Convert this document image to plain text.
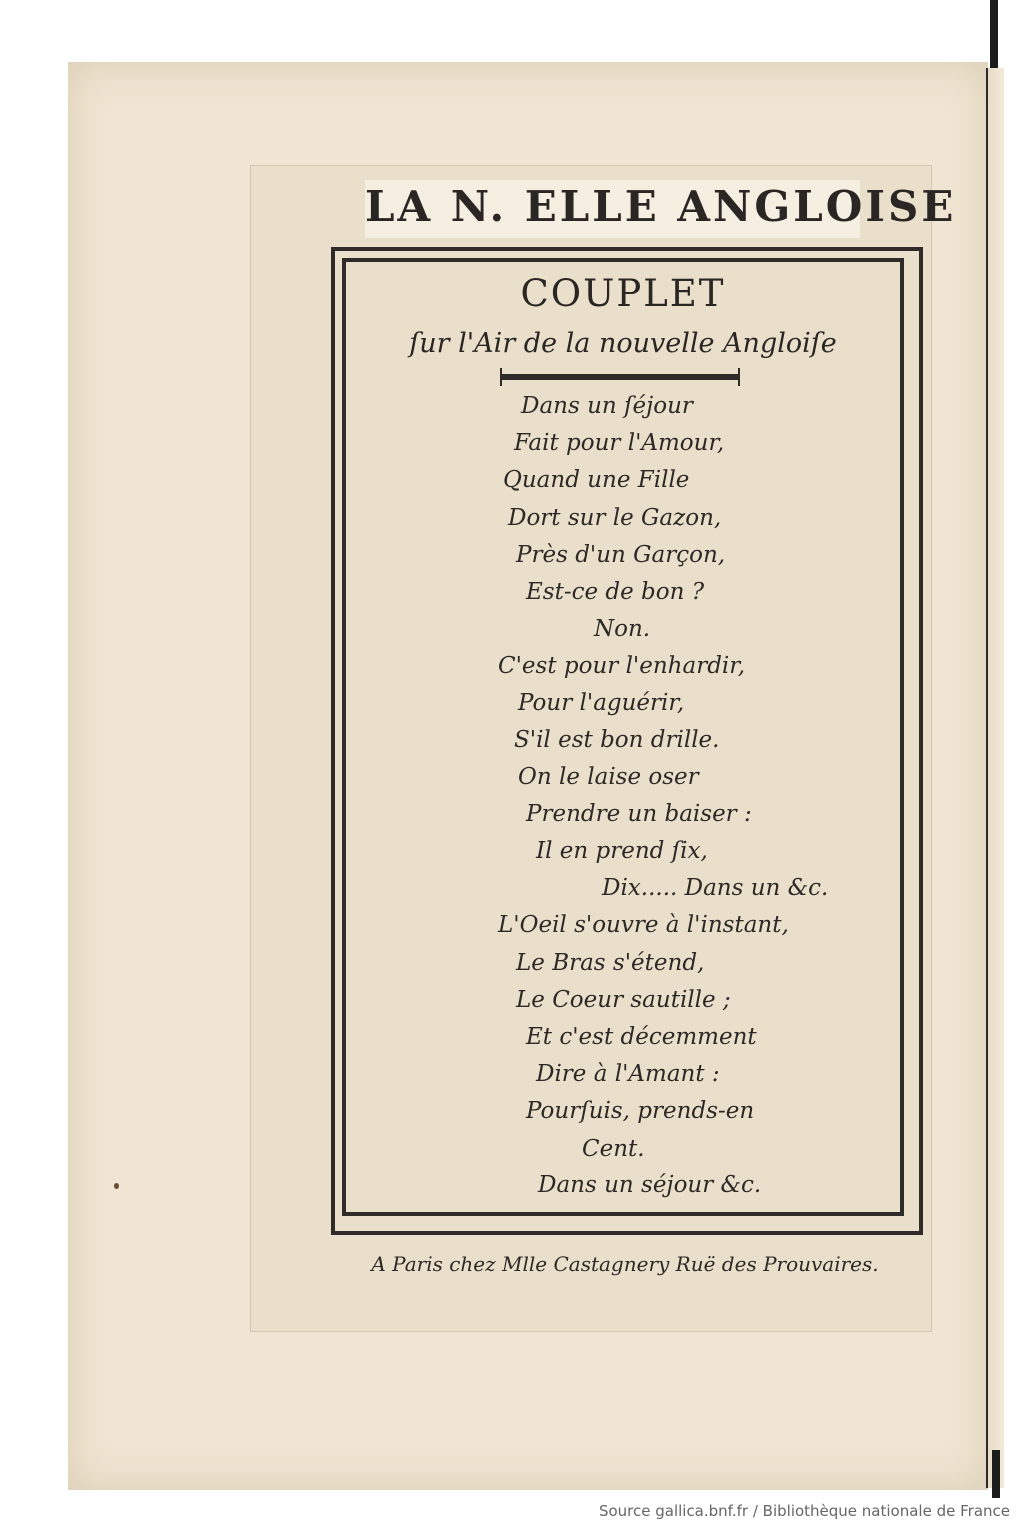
LA N. ELLE ANGLOISE
COUPLET
ſur l'Air de la nouvelle Angloiſe
Dans un ſéjour
Fait pour l'Amour,
Quand une Fille
Dort sur le Gazon,
Près d'un Garçon,
Est-ce de bon ?
Non.
C'est pour l'enhardir,
Pour l'aguérir,
S'il est bon drille.
On le laise oser
Prendre un baiser :
Il en prend ſix,
Dix..... Dans un &c.
L'Oeil s'ouvre à l'instant,
Le Bras s'étend,
Le Coeur sautille ;
Et c'est décemment
Dire à l'Amant :
Pourſuis, prends-en
Cent.
Dans un séjour &c.
A Paris chez Mlle Castagnery Ruë des Prouvaires.
Source gallica.bnf.fr / Bibliothèque nationale de France
